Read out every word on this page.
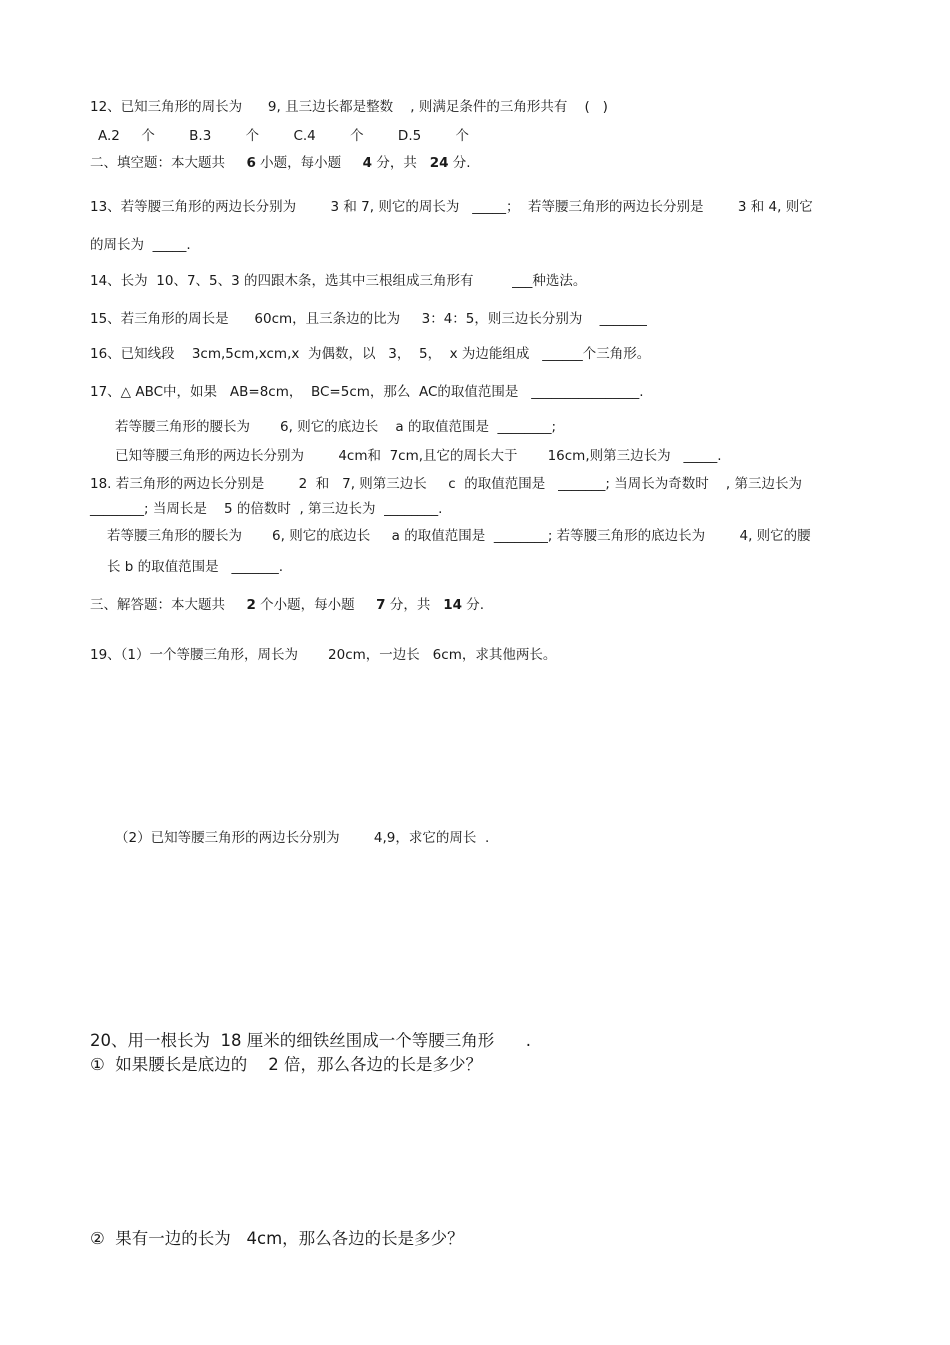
12、已知三角形的周长为      9, 且三边长都是整数    , 则满足条件的三角形共有    (   )
A.2     个        B.3        个        C.4        个        D.5        个
二、填空题：本大题共     6 小题，每小题     4 分，共   24 分.
13、若等腰三角形的两边长分别为        3 和 7, 则它的周长为   _____；  若等腰三角形的两边长分别是        3 和 4, 则它
的周长为  _____.
14、长为  10、7、5、3 的四跟木条，选其中三根组成三角形有         ___种选法。
15、若三角形的周长是      60cm，且三条边的比为     3：4：5，则三边长分别为    _______
16、已知线段    3cm,5cm,xcm,x  为偶数，以   3，  5，  x 为边能组成   ______个三角形。
17、△ ABC中，如果   AB=8cm，  BC=5cm，那么  AC的取值范围是   ________________.
若等腰三角形的腰长为       6, 则它的底边长    a 的取值范围是  ________;
已知等腰三角形的两边长分别为        4cm和  7cm,且它的周长大于       16cm,则第三边长为   _____.
18. 若三角形的两边长分别是        2  和   7, 则第三边长     c  的取值范围是   _______; 当周长为奇数时    , 第三边长为
________; 当周长是    5 的倍数时  , 第三边长为  ________.
若等腰三角形的腰长为       6, 则它的底边长     a 的取值范围是  ________; 若等腰三角形的底边长为        4, 则它的腰
长 b 的取值范围是   _______.
三、解答题：本大题共     2 个小题，每小题     7 分，共   14 分.
19、（1）一个等腰三角形，周长为       20cm，一边长   6cm，求其他两长。
（2）已知等腰三角形的两边长分别为        4,9，求它的周长  .
20、用一根长为  18 厘米的细铁丝围成一个等腰三角形      .
①  如果腰长是底边的    2 倍，那么各边的长是多少？
②  果有一边的长为   4cm，那么各边的长是多少？
